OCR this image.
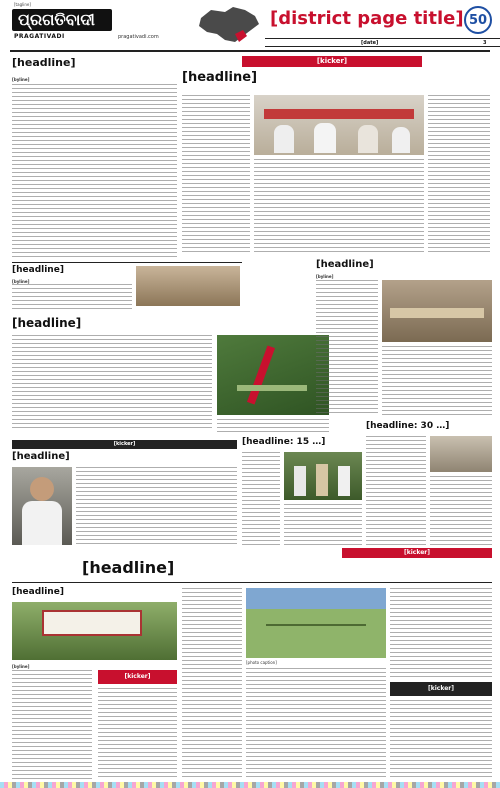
[tagline]
ପ୍ରଗତିବାଦୀ
PRAGATIVADI	pragativadi.com
[district page title] 50
[date]	3
[headline]
[byline]
[kicker]
[headline]
[headline]
[byline]
[headline]
[headline]
[byline]
[kicker]
[headline]
[headline: 15 …]
[headline: 30 …]
[kicker]
[headline]
[headline]
[byline]
[kicker]
[photo caption]
[kicker]
